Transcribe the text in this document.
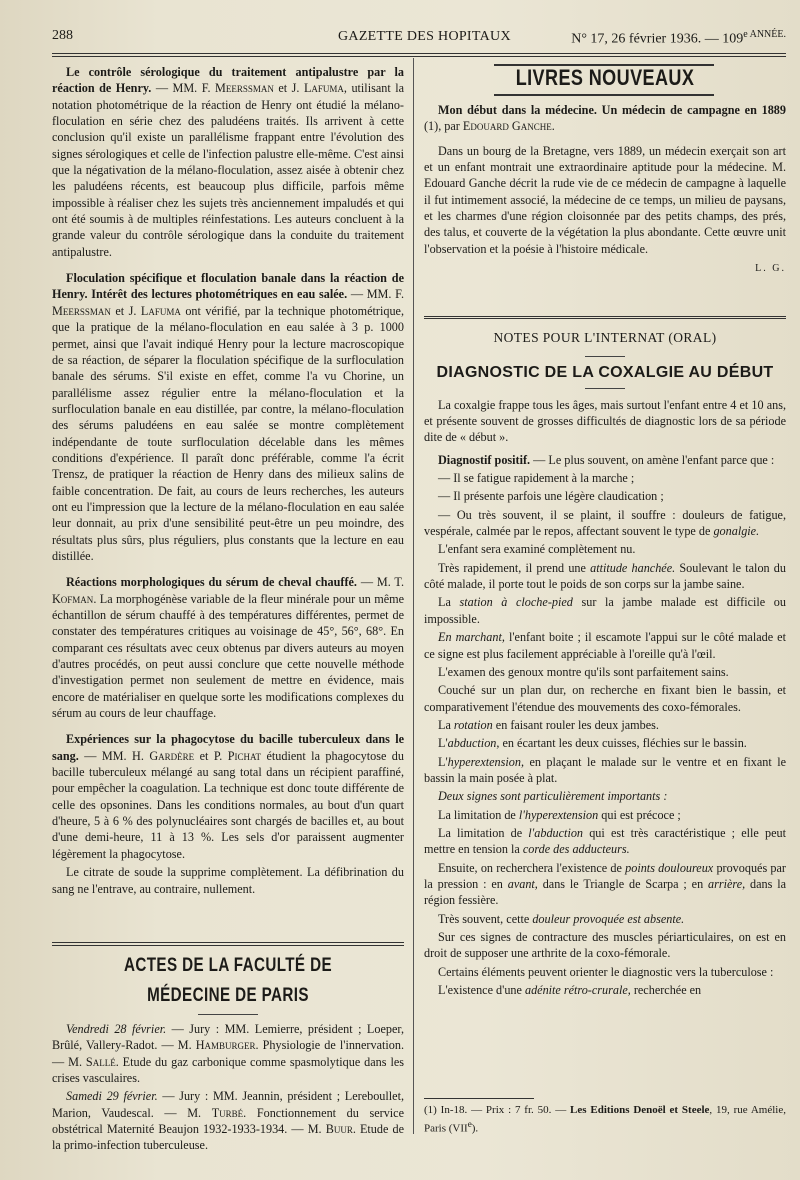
288	GAZETTE DES HOPITAUX	N° 17, 26 février 1936. — $109^{e ANNÉE.}$

Le contrôle sérologique du traitement antipalustre par la réaction de Henry. — MM. F. Meerssman et J. Lafuma, utilisant la notation photométrique de la réaction de Henry ont étudié la mélano-floculation en série chez des paludéens traités. Ils arrivent à cette conclusion qu'il existe un parallélisme frappant entre l'évolution des signes sérologiques et celle de l'infection palustre elle-même. C'est ainsi que la négativation de la mélano-floculation, assez aisée à obtenir chez les paludéens récents, est beaucoup plus difficile, parfois même impossible à réaliser chez les sujets très anciennement impaludés et qui ont été soumis à de multiples réinfestations. Les auteurs concluent à la grande valeur du contrôle sérologique dans la conduite du traitement antipalustre.

Floculation spécifique et floculation banale dans la réaction de Henry. Intérêt des lectures photométriques en eau salée. — MM. F. Meerssman et J. Lafuma ont vérifié, par la technique photométrique, que la pratique de la mélano-floculation en eau salée à 3 p. 1000 permet, ainsi que l'avait indiqué Henry pour la lecture macroscopique de sa réaction, de séparer la floculation spécifique de la surfloculation banale des sérums. S'il existe en effet, comme l'a vu Chorine, un parallélisme assez régulier entre la mélano-floculation et la surfloculation banale en eau distillée, par contre, la mélano-floculation des sérums paludéens en eau salée se montre complètement indépendante de toute surfloculation décelable dans les mêmes conditions d'expérience. Il paraît donc préférable, comme l'a écrit Trensz, de pratiquer la réaction de Henry dans des milieux salins de faible concentration. De fait, au cours de leurs recherches, les auteurs ont eu l'impression que la lecture de la mélano-floculation en eau salée leur donnait, au prix d'une sensibilité peut-être un peu moindre, des résultats plus sûrs, plus réguliers, plus constants que la lecture en eau distillée.

Réactions morphologiques du sérum de cheval chauffé. — M. T. Kofman. La morphogénèse variable de la fleur minérale pour un même échantillon de sérum chauffé à des températures différentes, permet de constater des températures critiques au voisinage de 45°, 56°, 68°. En comparant ces résultats avec ceux obtenus par divers auteurs au moyen d'autres procédés, on peut aussi conclure que cette nouvelle méthode d'investigation permet non seulement de mettre en évidence, mais encore de matérialiser en quelque sorte les modifications complexes du sérum au cours de leur chauffage.

Expériences sur la phagocytose du bacille tuberculeux dans le sang. — MM. H. Gardère et P. Pichat étudient la phagocytose du bacille tuberculeux mélangé au sang total dans un récipient paraffiné, pour empêcher la coagulation. La technique est donc toute différente de celle des opsonines. Dans les conditions normales, au bout d'un quart d'heure, 5 à 6 % des polynucléaires sont chargés de bacilles et, au bout d'une demi-heure, 11 à 13 %. Les sels d'or paraissent augmenter légèrement la phagocytose.

Le citrate de soude la supprime complètement. La défibrination du sang ne l'entrave, au contraire, nullement.

ACTES DE LA FACULTÉ DE MÉDECINE DE PARIS

Vendredi 28 février. — Jury : MM. Lemierre, président ; Loeper, Brûlé, Vallery-Radot. — M. Hamburger. Physiologie de l'innervation. — M. Sallé. Etude du gaz carbonique comme spasmolytique dans les crises vasculaires.

Samedi 29 février. — Jury : MM. Jeannin, président ; Lereboullet, Marion, Vaudescal. — M. Turbé. Fonctionnement du service obstétrical Maternité Beaujon 1932-1933-1934. — M. Buur. Etude de la primo-infection tuberculeuse.

LIVRES NOUVEAUX

Mon début dans la médecine. Un médecin de campagne en 1889 (1), par Edouard Ganche.

Dans un bourg de la Bretagne, vers 1889, un médecin exerçait son art et un enfant montrait une extraordinaire aptitude pour la médecine. M. Edouard Ganche décrit la rude vie de ce médecin de campagne à laquelle il fut intimement associé, la médecine de ce temps, un milieu de paysans, et les charmes d'une région cloisonnée par des petits champs, des prés, des talus, et couverte de la végétation la plus abondante. Cette œuvre unit l'observation et la poésie à l'histoire médicale.

L. G.
NOTES POUR L'INTERNAT (ORAL)
DIAGNOSTIC DE LA COXALGIE AU DÉBUT

La coxalgie frappe tous les âges, mais surtout l'enfant entre 4 et 10 ans, et présente souvent de grosses difficultés de diagnostic lors de sa période dite de « début ».

Diagnostif positif. — Le plus souvent, on amène l'enfant parce que :

— Il se fatigue rapidement à la marche ;

— Il présente parfois une légère claudication ;

— Ou très souvent, il se plaint, il souffre : douleurs de fatigue, vespérale, calmée par le repos, affectant souvent le type de gonalgie.

L'enfant sera examiné complètement nu.

Très rapidement, il prend une attitude hanchée. Soulevant le talon du côté malade, il porte tout le poids de son corps sur la jambe saine.

La station à cloche-pied sur la jambe malade est difficile ou impossible.

En marchant, l'enfant boite ; il escamote l'appui sur le côté malade et ce signe est plus facilement appréciable à l'oreille qu'à l'œil.

L'examen des genoux montre qu'ils sont parfaitement sains.

Couché sur un plan dur, on recherche en fixant bien le bassin, et comparativement l'étendue des mouvements des coxo-fémorales.

La rotation en faisant rouler les deux jambes.

L'abduction, en écartant les deux cuisses, fléchies sur le bassin.

L'hyperextension, en plaçant le malade sur le ventre et en fixant le bassin la main posée à plat.

Deux signes sont particulièrement importants :

La limitation de l'hyperextension qui est précoce ;

La limitation de l'abduction qui est très caractéristique ; elle peut mettre en tension la corde des adducteurs.

Ensuite, on recherchera l'existence de points douloureux provoqués par la pression : en avant, dans le Triangle de Scarpa ; en arrière, dans la région fessière.

Très souvent, cette douleur provoquée est absente.

Sur ces signes de contracture des muscles périarticulaires, on est en droit de supposer une arthrite de la coxo-fémorale.

Certains éléments peuvent orienter le diagnostic vers la tuberculose :

L'existence d'une adénite rétro-crurale, recherchée en

(1) In-18. — Prix : 7 fr. 50. — Les Editions Denoël et Steele, 19, rue Amélie, Paris (VIIe).
